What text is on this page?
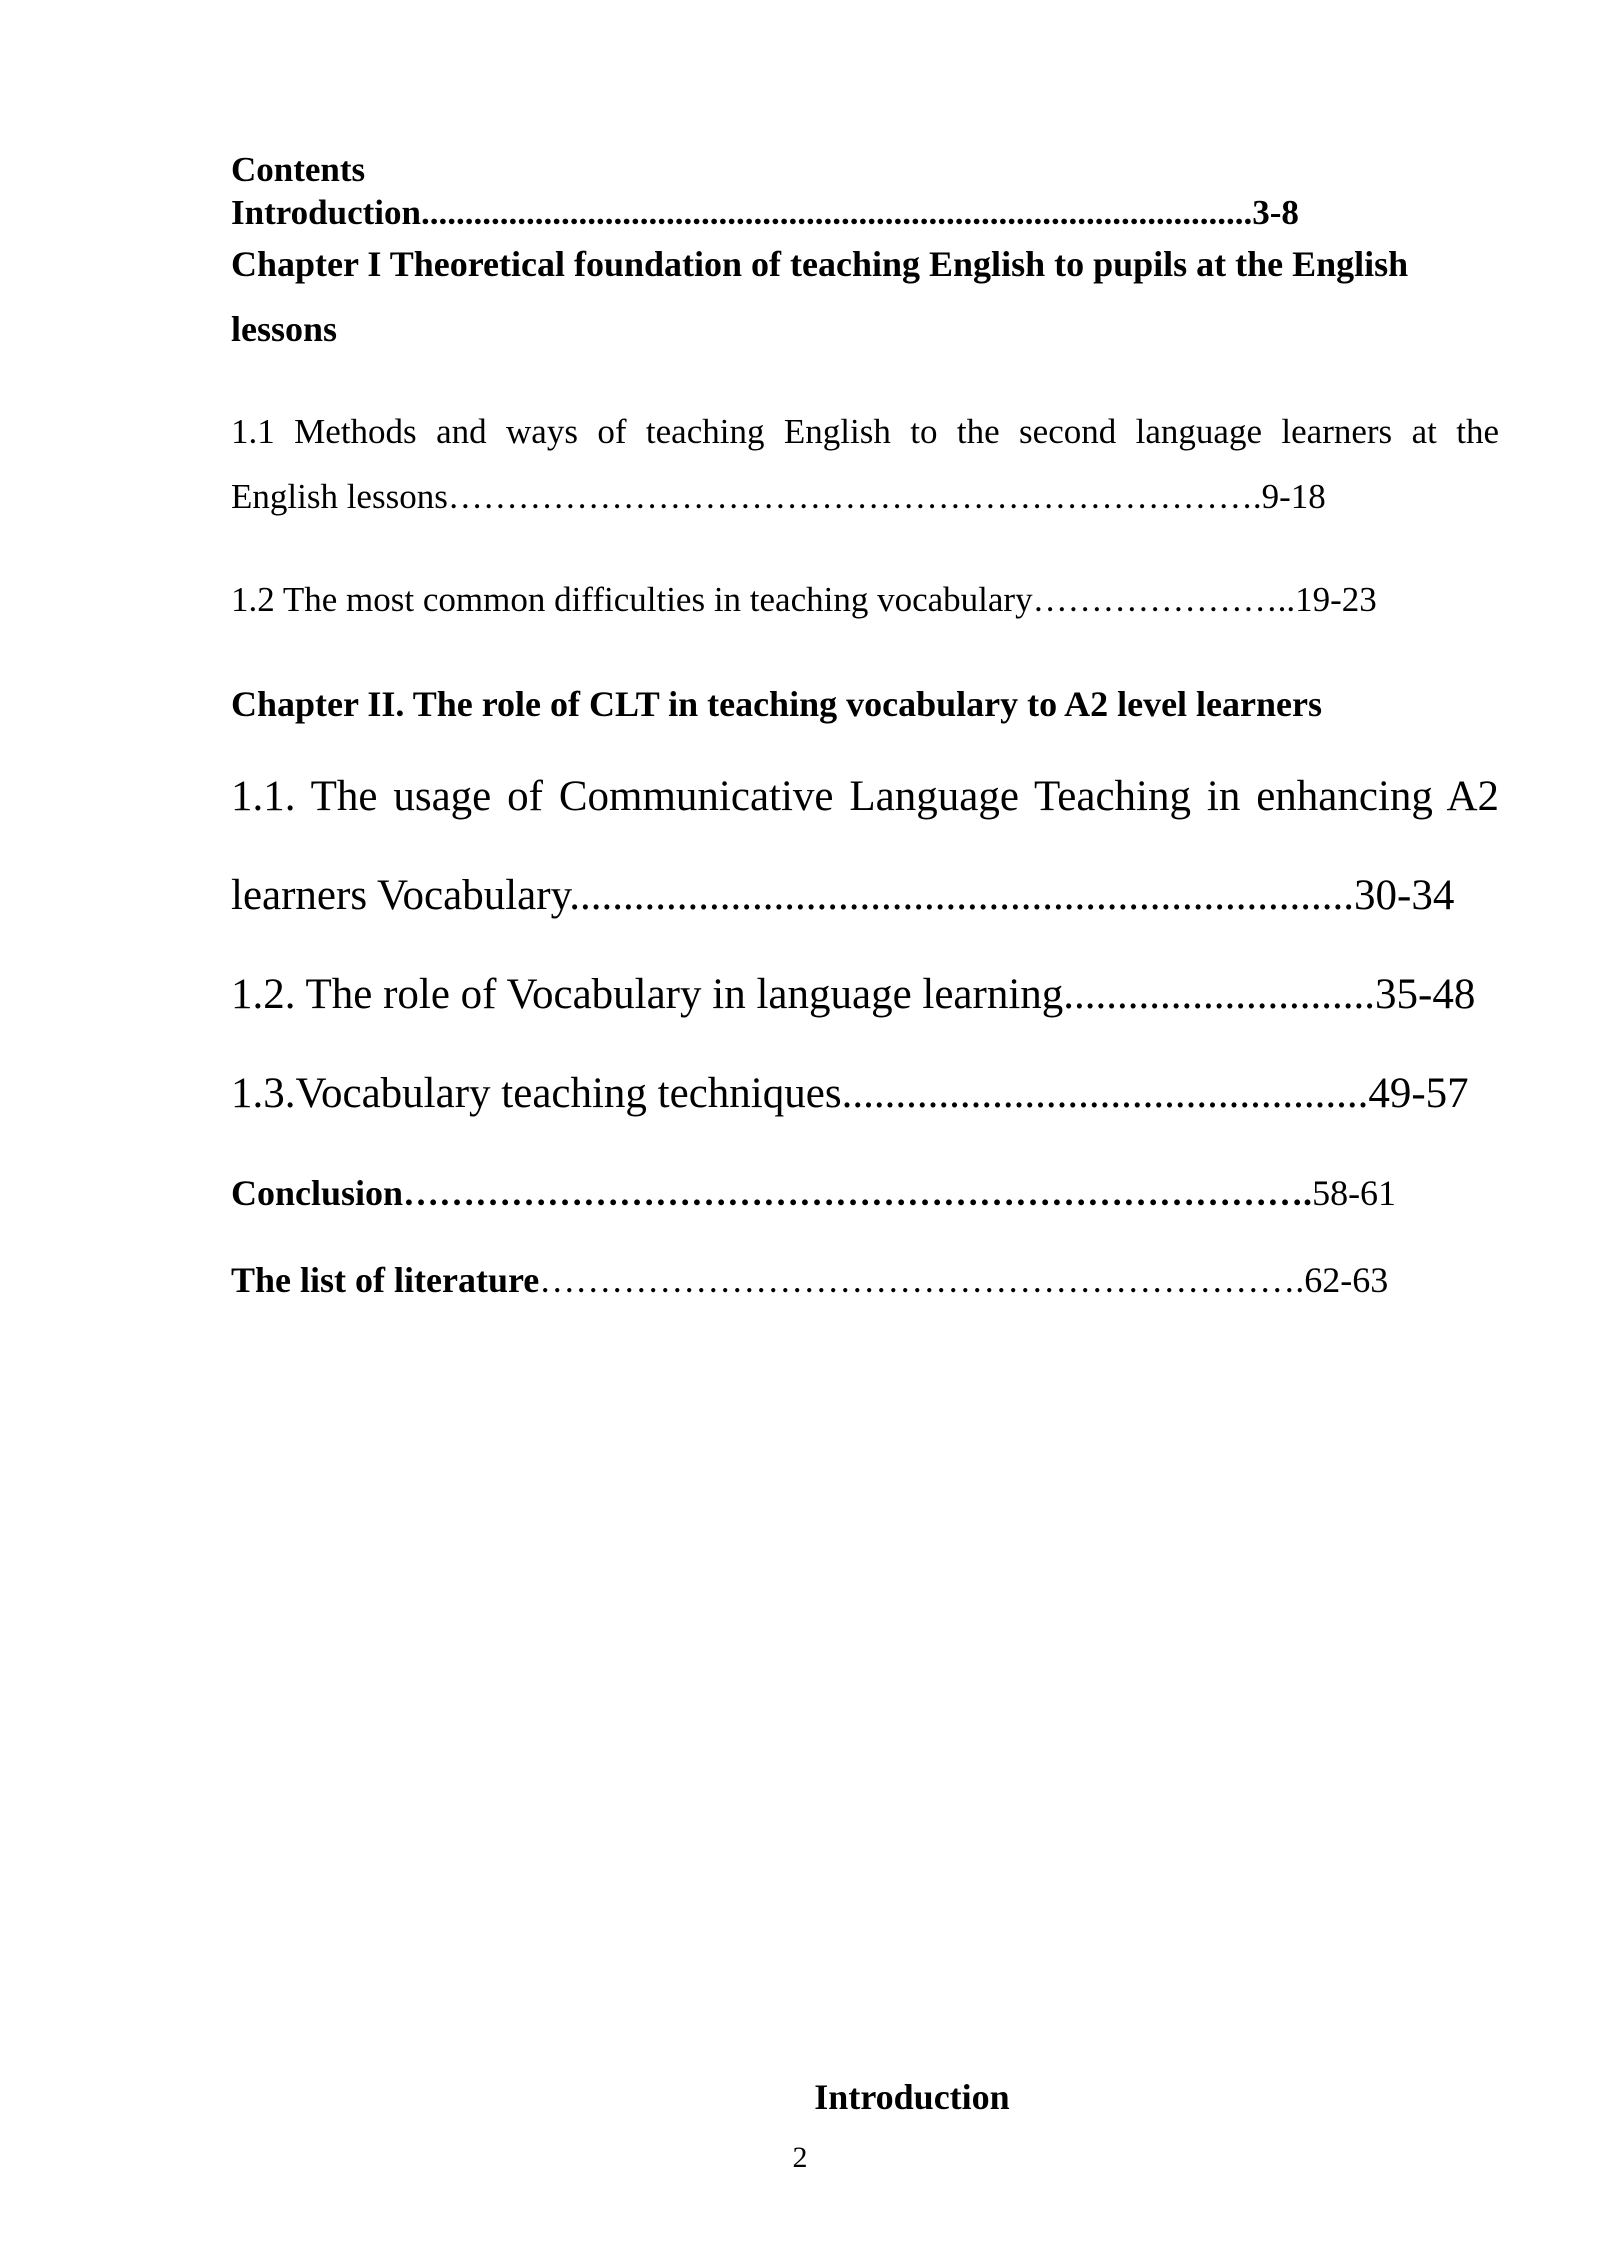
Contents
Introduction...............................................................................................3-8
Chapter I Theoretical foundation of teaching English to pupils at the English
lessons
1.1 Methods and ways of teaching English to the second language learners at the
English lessons…………………………………………………………….9-18
1.2 The most common difficulties in teaching vocabulary…………………..19-23
Chapter II. The role of CLT in teaching vocabulary to A2 level learners
1.1. The usage of Communicative Language Teaching in enhancing A2
learners Vocabulary.........................................................................30-34
1.2. The role of Vocabulary in language learning.............................35-48
1.3.Vocabulary teaching techniques.................................................49-57
Conclusion………………………………………………………………….58-61
The list of literature……………………………………………………….62-63
Introduction
2
